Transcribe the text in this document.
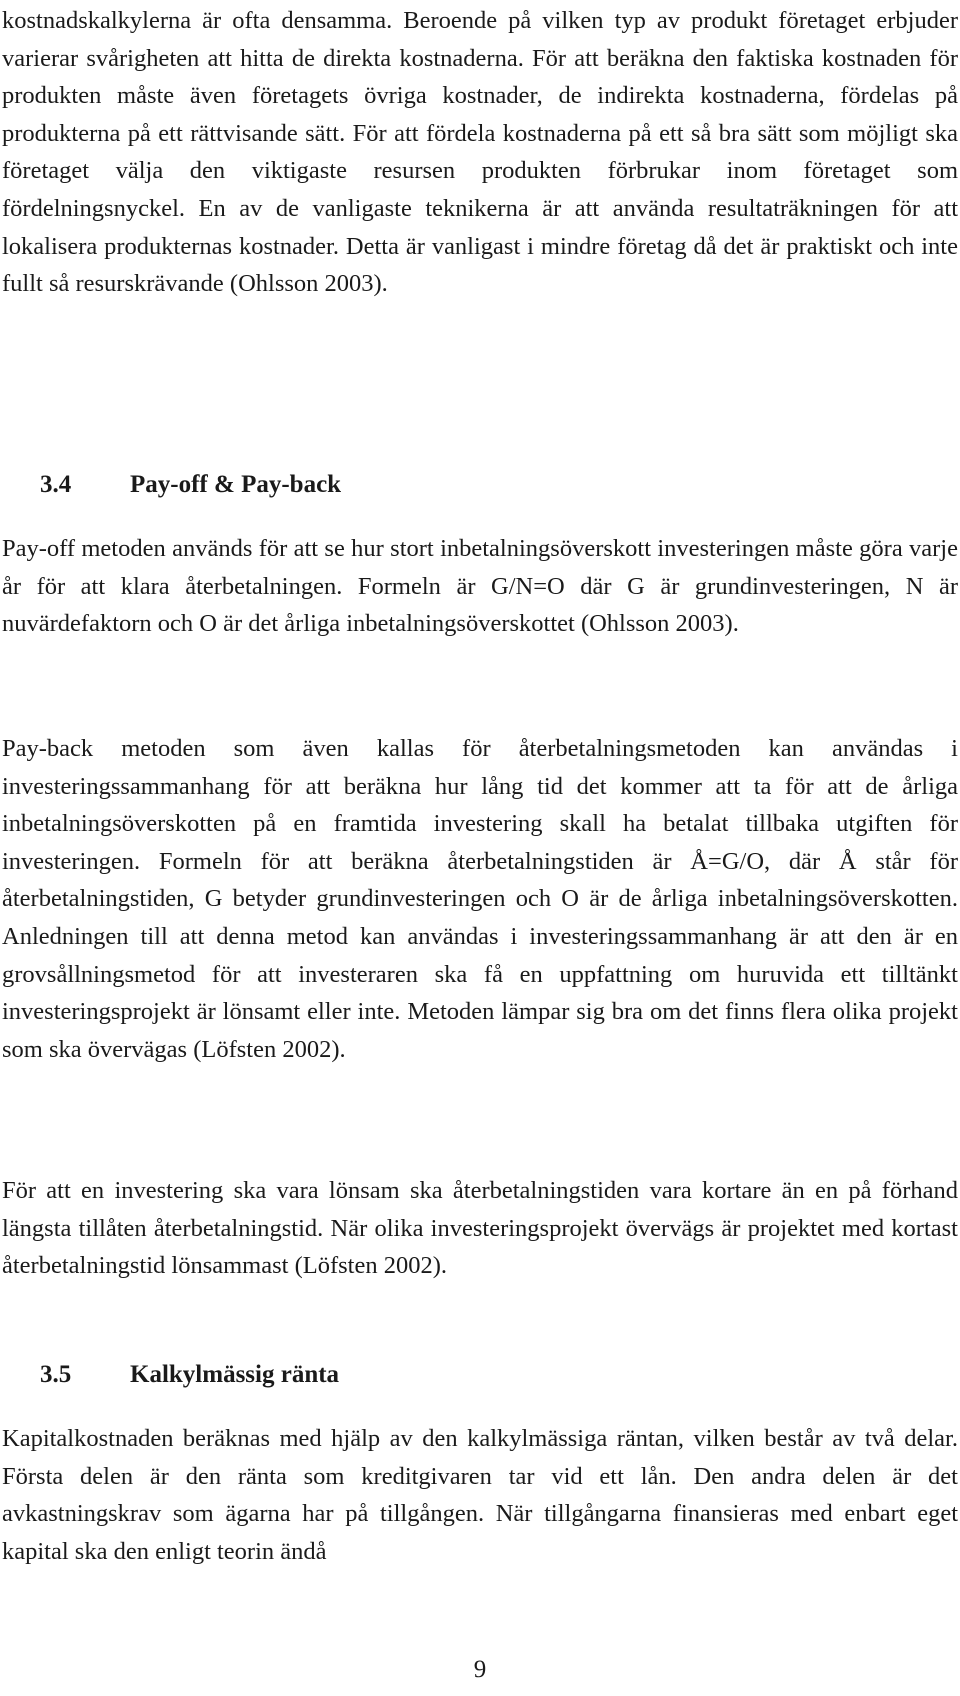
kostnadskalkylerna är ofta densamma. Beroende på vilken typ av produkt företaget erbjuder varierar svårigheten att hitta de direkta kostnaderna. För att beräkna den faktiska kostnaden för produkten måste även företagets övriga kostnader, de indirekta kostnaderna, fördelas på produkterna på ett rättvisande sätt. För att fördela kostnaderna på ett så bra sätt som möjligt ska företaget välja den viktigaste resursen produkten förbrukar inom företaget som fördelningsnyckel. En av de vanligaste teknikerna är att använda resultaträkningen för att lokalisera produkternas kostnader. Detta är vanligast i mindre företag då det är praktiskt och inte fullt så resurskrävande (Ohlsson 2003).

3.4 Pay-off & Pay-back

Pay-off metoden används för att se hur stort inbetalningsöverskott investeringen måste göra varje år för att klara återbetalningen. Formeln är G/N=O där G är grundinvesteringen, N är nuvärdefaktorn och O är det årliga inbetalningsöverskottet (Ohlsson 2003).

Pay-back metoden som även kallas för återbetalningsmetoden kan användas i investeringssammanhang för att beräkna hur lång tid det kommer att ta för att de årliga inbetalningsöverskotten på en framtida investering skall ha betalat tillbaka utgiften för investeringen. Formeln för att beräkna återbetalningstiden är Å=G/O, där Å står för återbetalningstiden, G betyder grundinvesteringen och O är de årliga inbetalningsöverskotten. Anledningen till att denna metod kan användas i investeringssammanhang är att den är en grovsållningsmetod för att investeraren ska få en uppfattning om huruvida ett tilltänkt investeringsprojekt är lönsamt eller inte. Metoden lämpar sig bra om det finns flera olika projekt som ska övervägas (Löfsten 2002).

För att en investering ska vara lönsam ska återbetalningstiden vara kortare än en på förhand längsta tillåten återbetalningstid. När olika investeringsprojekt övervägs är projektet med kortast återbetalningstid lönsammast (Löfsten 2002).

3.5 Kalkylmässig ränta

Kapitalkostnaden beräknas med hjälp av den kalkylmässiga räntan, vilken består av två delar. Första delen är den ränta som kreditgivaren tar vid ett lån. Den andra delen är det avkastningskrav som ägarna har på tillgången. När tillgångarna finansieras med enbart eget kapital ska den enligt teorin ändå

9
